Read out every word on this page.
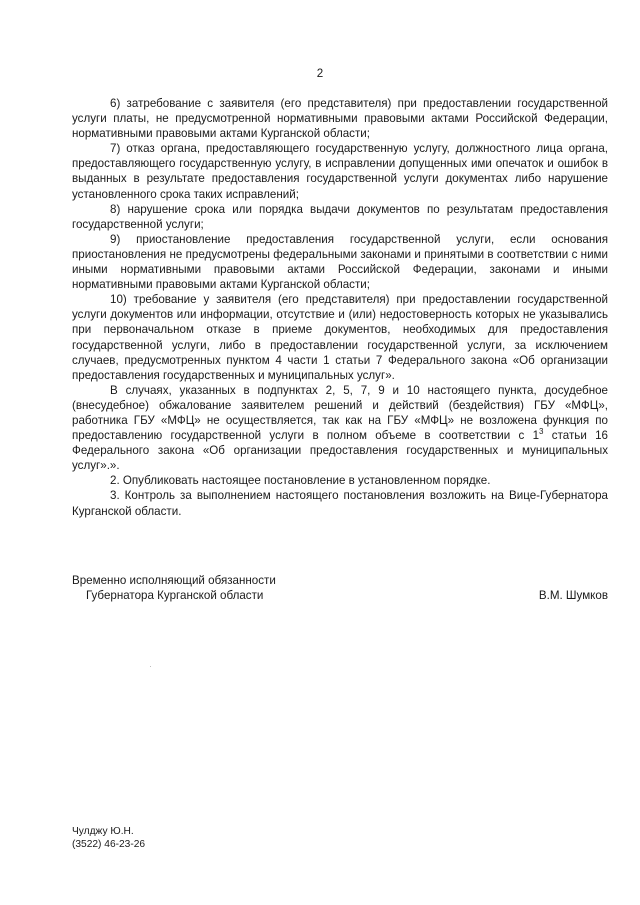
2

6) затребование с заявителя (его представителя) при предоставлении государственной услуги платы, не предусмотренной нормативными правовыми актами Российской Федерации, нормативными правовыми актами Курганской области;

7) отказ органа, предоставляющего государственную услугу, должностного лица органа, предоставляющего государственную услугу, в исправлении допущенных ими опечаток и ошибок в выданных в результате предоставления государственной услуги документах либо нарушение установленного срока таких исправлений;

8) нарушение срока или порядка выдачи документов по результатам предоставления государственной услуги;

9) приостановление предоставления государственной услуги, если основания приостановления не предусмотрены федеральными законами и принятыми в соответствии с ними иными нормативными правовыми актами Российской Федерации, законами и иными нормативными правовыми актами Курганской области;

10) требование у заявителя (его представителя) при предоставлении государственной услуги документов или информации, отсутствие и (или) недостоверность которых не указывались при первоначальном отказе в приеме документов, необходимых для предоставления государственной услуги, либо в предоставлении государственной услуги, за исключением случаев, предусмотренных пунктом 4 части 1 статьи 7 Федерального закона «Об организации предоставления государственных и муниципальных услуг».

В случаях, указанных в подпунктах 2, 5, 7, 9 и 10 настоящего пункта, досудебное (внесудебное) обжалование заявителем решений и действий (бездействия) ГБУ «МФЦ», работника ГБУ «МФЦ» не осуществляется, так как на ГБУ «МФЦ» не возложена функция по предоставлению государственной услуги в полном объеме в соответствии с $1^3$ статьи 16 Федерального закона «Об организации предоставления государственных и муниципальных услуг».».

2. Опубликовать настоящее постановление в установленном порядке.

3. Контроль за выполнением настоящего постановления возложить на Вице-Губернатора Курганской области.

Временно исполняющий обязанности
Губернатора Курганской области	В.М. Шумков
Чулджу Ю.Н.
(3522) 46-23-26
